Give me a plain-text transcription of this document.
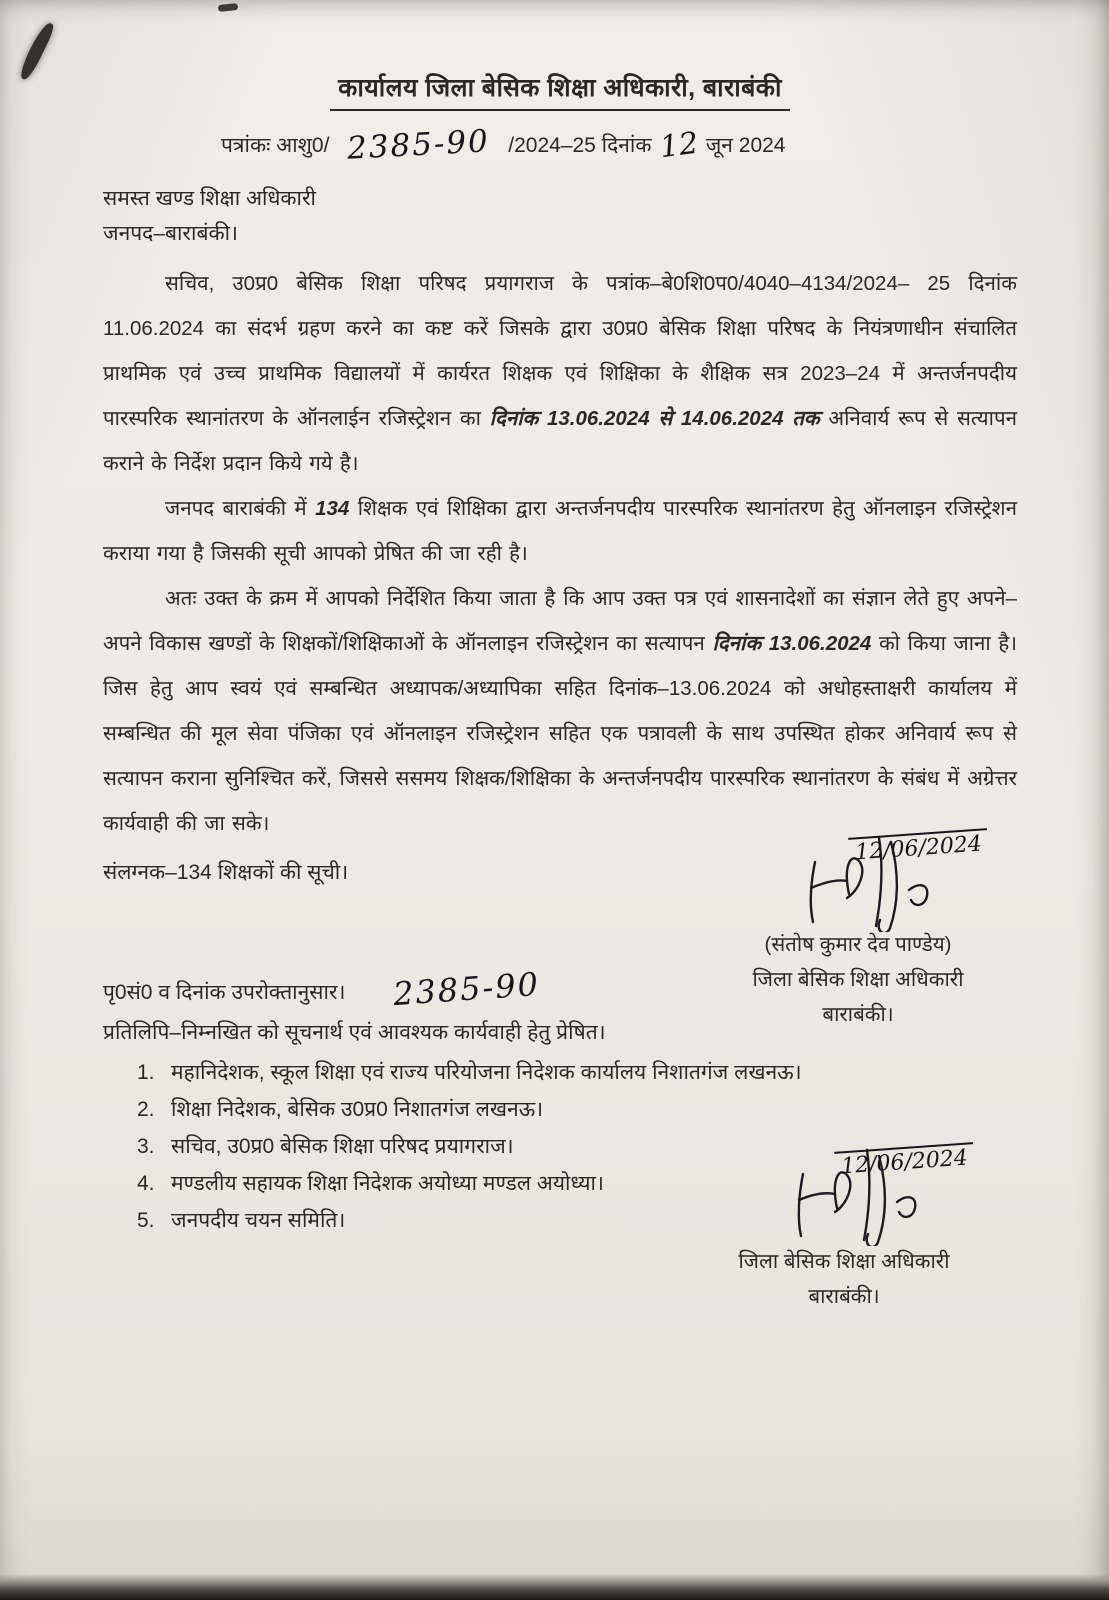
कार्यालय जिला बेसिक शिक्षा अधिकारी, बाराबंकी
पत्रांकः आशु0/ 2385-90 /2024–25 दिनांक 12 जून 2024
समस्त खण्ड शिक्षा अधिकारी
जनपद–बाराबंकी।

सचिव, उ0प्र0 बेसिक शिक्षा परिषद प्रयागराज के पत्रांक–बे0शि0प0/4040–4134/2024– 25 दिनांक 11.06.2024 का संदर्भ ग्रहण करने का कष्ट करें जिसके द्वारा उ0प्र0 बेसिक शिक्षा परिषद के नियंत्रणाधीन संचालित प्राथमिक एवं उच्च प्राथमिक विद्यालयों में कार्यरत शिक्षक एवं शिक्षिका के शैक्षिक सत्र 2023–24 में अन्तर्जनपदीय पारस्परिक स्थानांतरण के ऑनलाईन रजिस्ट्रेशन का दिनांक 13.06.2024 से 14.06.2024 तक अनिवार्य रूप से सत्यापन कराने के निर्देश प्रदान किये गये है।

जनपद बाराबंकी में 134 शिक्षक एवं शिक्षिका द्वारा अन्तर्जनपदीय पारस्परिक स्थानांतरण हेतु ऑनलाइन रजिस्ट्रेशन कराया गया है जिसकी सूची आपको प्रेषित की जा रही है।

अतः उक्त के क्रम में आपको निर्देशित किया जाता है कि आप उक्त पत्र एवं शासनादेशों का संज्ञान लेते हुए अपने–अपने विकास खण्डों के शिक्षकों/शिक्षिकाओं के ऑनलाइन रजिस्ट्रेशन का सत्यापन दिनांक 13.06.2024 को किया जाना है। जिस हेतु आप स्वयं एवं सम्बन्धित अध्यापक/अध्यापिका सहित दिनांक–13.06.2024 को अधोहस्ताक्षरी कार्यालय में सम्बन्धित की मूल सेवा पंजिका एवं ऑनलाइन रजिस्ट्रेशन सहित एक पत्रावली के साथ उपस्थित होकर अनिवार्य रूप से सत्यापन कराना सुनिश्चित करें, जिससे ससमय शिक्षक/शिक्षिका के अन्तर्जनपदीय पारस्परिक स्थानांतरण के संबंध में अग्रेत्तर कार्यवाही की जा सके।

संलग्नक–134 शिक्षकों की सूची।
पृ0सं0 व दिनांक उपरोक्तानुसार। 2385-90
प्रतिलिपि–निम्नखित को सूचनार्थ एवं आवश्यक कार्यवाही हेतु प्रेषित।
1. महानिदेशक, स्कूल शिक्षा एवं राज्य परियोजना निदेशक कार्यालय निशातगंज लखनऊ।
2. शिक्षा निदेशक, बेसिक उ0प्र0 निशातगंज लखनऊ।
3. सचिव, उ0प्र0 बेसिक शिक्षा परिषद प्रयागराज।
4. मण्डलीय सहायक शिक्षा निदेशक अयोध्या मण्डल अयोध्या।
5. जनपदीय चयन समिति।
12/06/2024
(संतोष कुमार देव पाण्डेय)
जिला बेसिक शिक्षा अधिकारी
बाराबंकी।
12/06/2024
जिला बेसिक शिक्षा अधिकारी
बाराबंकी।
